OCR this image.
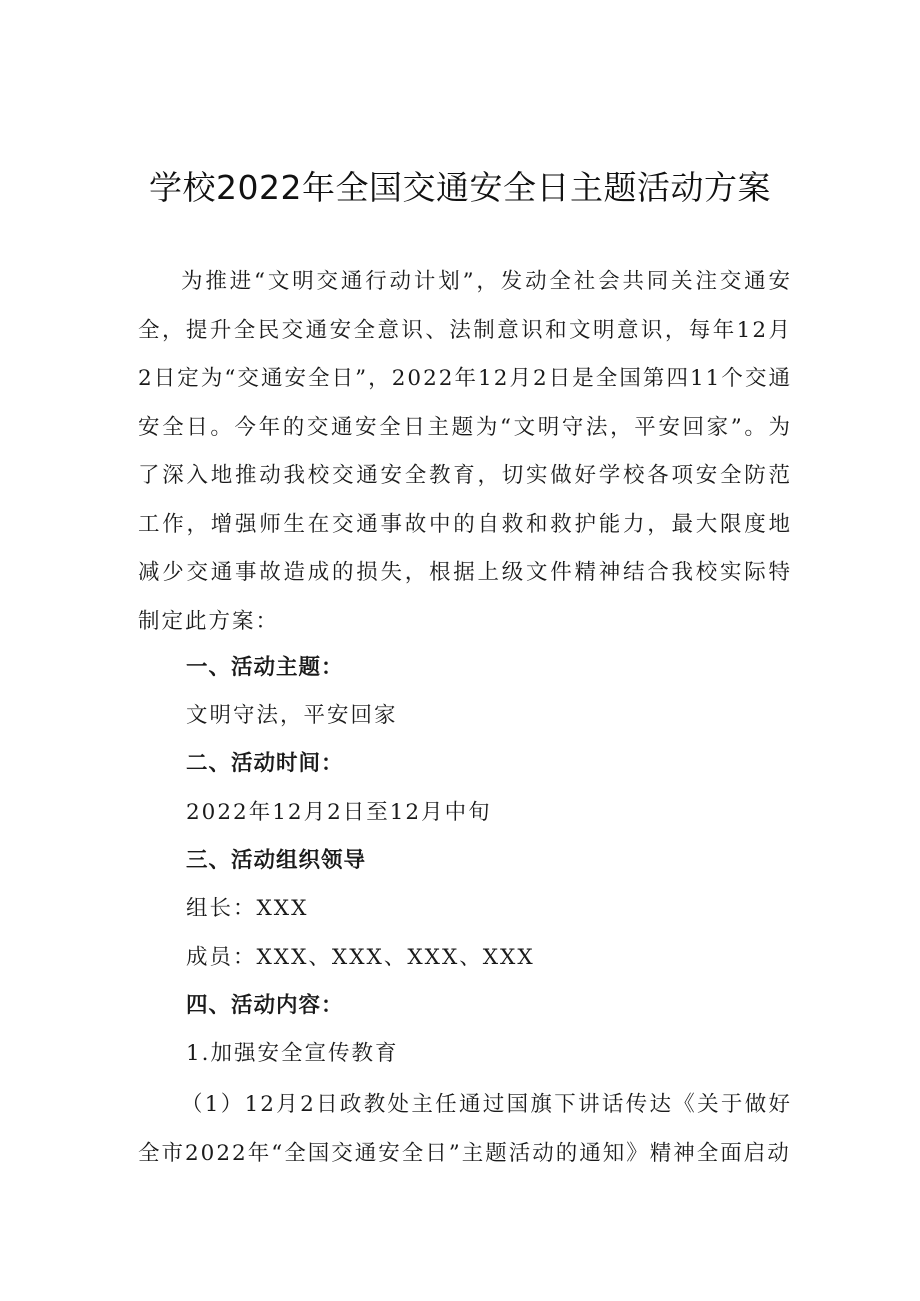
学校2022年全国交通安全日主题活动方案

为推进“文明交通行动计划”，发动全社会共同关注交通安全，提升全民交通安全意识、法制意识和文明意识，每年12月2日定为“交通安全日”，2022年12月2日是全国第四11个交通安全日。今年的交通安全日主题为“文明守法，平安回家”。为了深入地推动我校交通安全教育，切实做好学校各项安全防范工作，增强师生在交通事故中的自救和救护能力，最大限度地减少交通事故造成的损失，根据上级文件精神结合我校实际特制定此方案：

一、活动主题：

文明守法，平安回家

二、活动时间：

2022年12月2日至12月中旬

三、活动组织领导

组长：XXX

成员：XXX、XXX、XXX、XXX

四、活动内容：

1.加强安全宣传教育

（1）12月2日政教处主任通过国旗下讲话传达《关于做好全市2022年“全国交通安全日”主题活动的通知》精神全面启动
